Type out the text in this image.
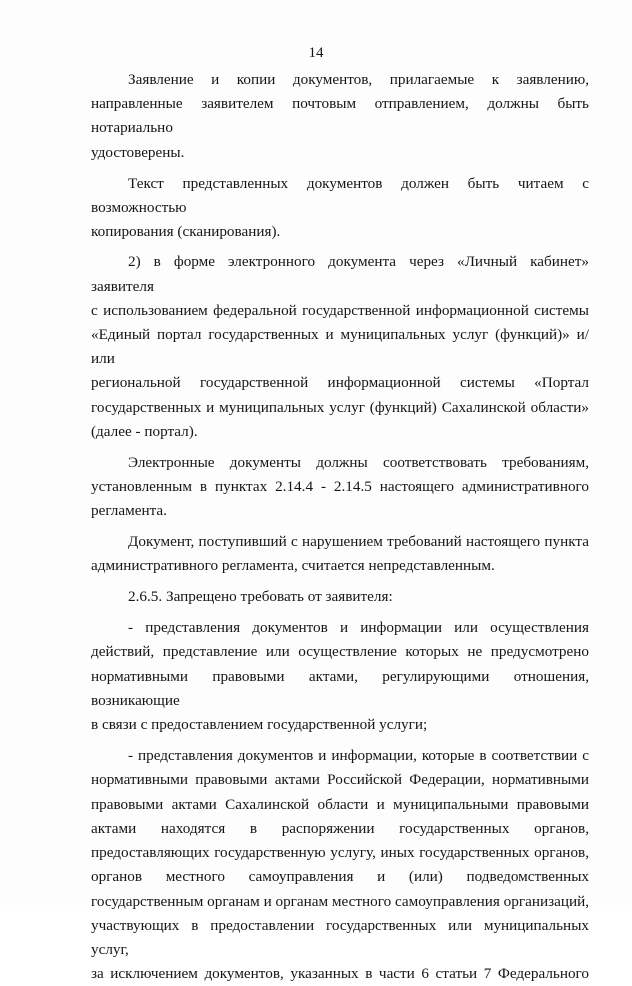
14

Заявление и копии документов, прилагаемые к заявлению,

направленные заявителем почтовым отправлением, должны быть нотариально

удостоверены.

Текст представленных документов должен быть читаем с возможностью

копирования (сканирования).

2) в форме электронного документа через «Личный кабинет» заявителя

с использованием федеральной государственной информационной системы

«Единый портал государственных и муниципальных услуг (функций)» и/или

региональной государственной информационной системы «Портал

государственных и муниципальных услуг (функций) Сахалинской области»

(далее - портал).

Электронные документы должны соответствовать требованиям,

установленным в пунктах 2.14.4 - 2.14.5 настоящего административного

регламента.

Документ, поступивший с нарушением требований настоящего пункта

административного регламента, считается непредставленным.

2.6.5. Запрещено требовать от заявителя:

- представления документов и информации или осуществления

действий, представление или осуществление которых не предусмотрено

нормативными правовыми актами, регулирующими отношения, возникающие

в связи с предоставлением государственной услуги;

- представления документов и информации, которые в соответствии с

нормативными правовыми актами Российской Федерации, нормативными

правовыми актами Сахалинской области и муниципальными правовыми

актами находятся в распоряжении государственных органов,

предоставляющих государственную услугу, иных государственных органов,

органов местного самоуправления и (или) подведомственных

государственным органам и органам местного самоуправления организаций,

участвующих в предоставлении государственных или муниципальных услуг,

за исключением документов, указанных в части 6 статьи 7 Федерального
